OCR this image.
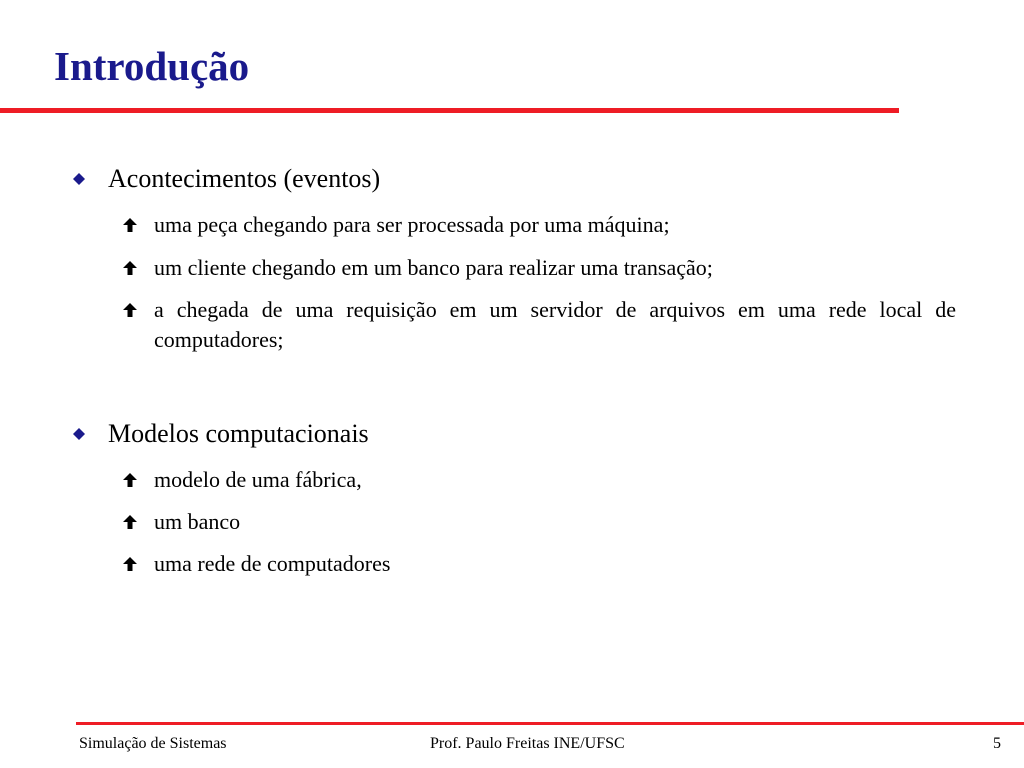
Introdução
Acontecimentos (eventos)
uma peça chegando para ser processada por uma máquina;
um cliente chegando em um banco para realizar uma transação;
a chegada de uma requisição em um servidor de arquivos em uma rede local de computadores;
Modelos computacionais
modelo de uma fábrica,
um banco
uma rede de computadores
Simulação de Sistemas	Prof. Paulo Freitas INE/UFSC	5
